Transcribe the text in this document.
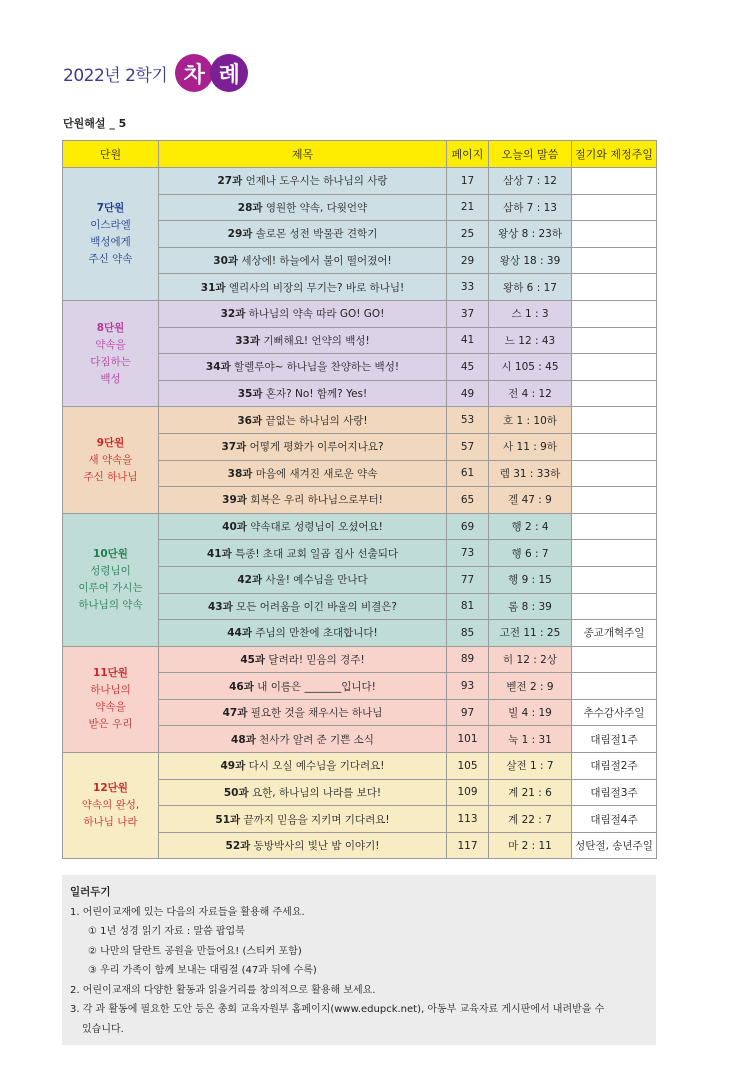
2022년 2학기 차 례
단원해설 _ 5
단원	제목	페이지	오늘의 말씀	절기와 제정주일

7단원
이스라엘
백성에게
주신 약속	27과 언제나 도우시는 하나님의 사랑	17	삼상 7 : 12	
	28과 영원한 약속, 다윗언약	21	삼하 7 : 13	
	29과 솔로몬 성전 박물관 견학기	25	왕상 8 : 23하	
	30과 세상에! 하늘에서 불이 떨어졌어!	29	왕상 18 : 39	
	31과 엘리사의 비장의 무기는? 바로 하나님!	33	왕하 6 : 17	

8단원
약속을
다짐하는
백성	32과 하나님의 약속 따라 GO! GO!	37	스 1 : 3	
	33과 기뻐해요! 언약의 백성!	41	느 12 : 43	
	34과 할렐루야~ 하나님을 찬양하는 백성!	45	시 105 : 45	
	35과 혼자? No! 함께? Yes!	49	전 4 : 12	

9단원
새 약속을
주신 하나님	36과 끝없는 하나님의 사랑!	53	호 1 : 10하	
	37과 어떻게 평화가 이루어지나요?	57	사 11 : 9하	
	38과 마음에 새겨진 새로운 약속	61	렘 31 : 33하	
	39과 회복은 우리 하나님으로부터!	65	겔 47 : 9	

10단원
성령님이
이루어 가시는
하나님의 약속	40과 약속대로 성령님이 오셨어요!	69	행 2 : 4	
	41과 특종! 초대 교회 일곱 집사 선출되다	73	행 6 : 7	
	42과 사울! 예수님을 만나다	77	행 9 : 15	
	43과 모든 어려움을 이긴 바울의 비결은?	81	롬 8 : 39	
	44과 주님의 만찬에 초대합니다!	85	고전 11 : 25	종교개혁주일

11단원
하나님의
약속을
받은 우리	45과 달려라! 믿음의 경주!	89	히 12 : 2상	
	46과 내 이름은 _______입니다!	93	벧전 2 : 9	
	47과 필요한 것을 채우시는 하나님	97	빌 4 : 19	추수감사주일
	48과 천사가 알려 준 기쁜 소식	101	눅 1 : 31	대림절1주

12단원
약속의 완성,
하나님 나라	49과 다시 오실 예수님을 기다려요!	105	살전 1 : 7	대림절2주
	50과 요한, 하나님의 나라를 보다!	109	계 21 : 6	대림절3주
	51과 끝까지 믿음을 지키며 기다려요!	113	계 22 : 7	대림절4주
	52과 동방박사의 빛난 밤 이야기!	117	마 2 : 11	성탄절, 송년주일
일러두기
1. 어린이교재에 있는 다음의 자료들을 활용해 주세요.
① 1년 성경 읽기 자료 : 말씀 팝업북
② 나만의 달란트 공원을 만들어요! (스티커 포함)
③ 우리 가족이 함께 보내는 대림절 (47과 뒤에 수록)
2. 어린이교재의 다양한 활동과 읽을거리를 창의적으로 활용해 보세요.
3. 각 과 활동에 필요한 도안 등은 총회 교육자원부 홈페이지(www.edupck.net), 아동부 교육자료 게시판에서 내려받을 수
있습니다.
